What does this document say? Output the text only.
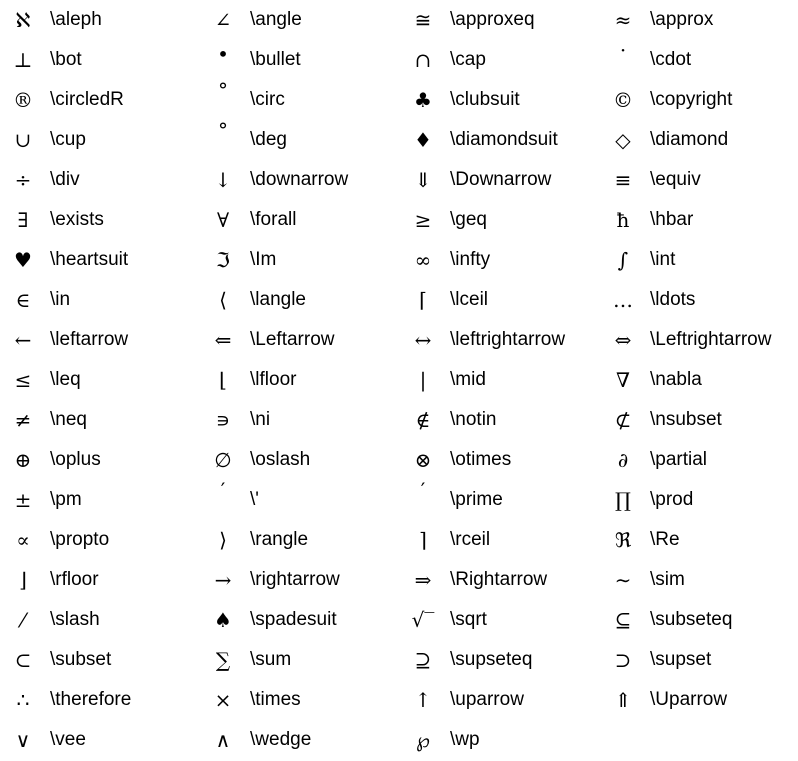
ℵ	\aleph	∠ \angle	≅ \approxeq	≈ \approx
⊥ \bot	•	\bullet	∩ \cap	·	\cdot
® \circledR	°	\circ	♣ \clubsuit	© \copyright
∪ \cup	°	\deg	♦ \diamondsuit	◇	\diamond
÷ \div	↓ \downarrow	⇓ \Downarrow	≡ \equiv
∃	\exists	∀	\forall	≥ \geq	ħ	\hbar
♥ \heartsuit	ℑ	\Im	∞ \infty	∫	\int
∈	\in	⟨	\langle	⌈	\lceil	… \ldots
← \leftarrow	⇐ \Leftarrow	↔ \leftrightarrow	⇔ \Leftrightarrow
≤ \leq	⌊	\lfloor	|	\mid	∇	\nabla
≠ \neq	∍	\ni	∉	\notin	⊄ \nsubset
⊕ \oplus	∅ \oslash	⊗ \otimes	∂	\partial
± \pm	′	\'	′	\prime	∏	\prod
∝	\propto	⟩	\rangle	⌉	\rceil	ℜ \Re
⌋	\rfloor	→ \rightarrow	⇒ \Rightarrow	∼ \sim
⁄	\slash	♠ \spadesuit	√‾ \sqrt	⊆ \subseteq
⊂ \subset	∑	\sum	⊇ \supseteq	⊃ \supset
∴	\therefore	× \times	↑ \uparrow	⇑ \Uparrow
∨	\vee	∧	\wedge	℘	\wp
